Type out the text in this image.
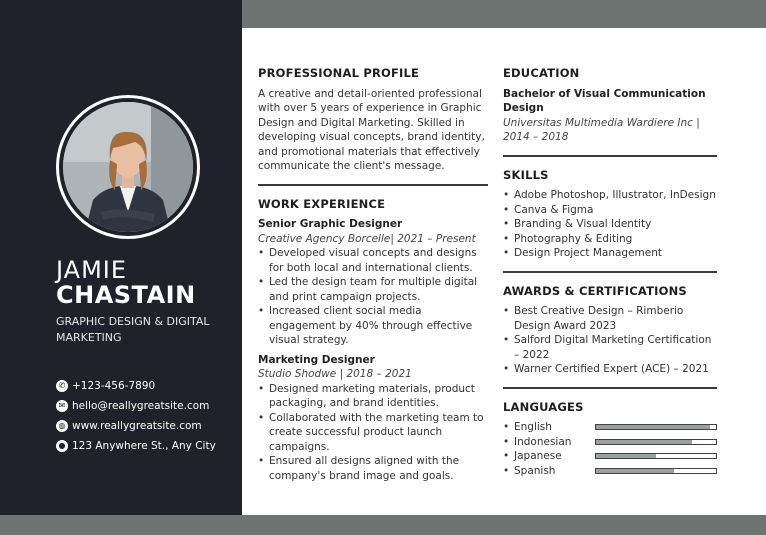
JAMIE
CHASTAIN
GRAPHIC DESIGN & DIGITAL MARKETING
✆ +123-456-7890
✉ hello@reallygreatsite.com
◍ www.reallygreatsite.com
● 123 Anywhere St., Any City
PROFESSIONAL PROFILE

A creative and detail-oriented professional with over 5 years of experience in Graphic Design and Digital Marketing. Skilled in developing visual concepts, brand identity, and promotional materials that effectively communicate the client's message.

WORK EXPERIENCE
Senior Graphic Designer
Creative Agency Borcelle| 2021 – Present
• Developed visual concepts and designs for both local and international clients.
• Led the design team for multiple digital and print campaign projects.
• Increased client social media engagement by 40% through effective visual strategy.
Marketing Designer
Studio Shodwe | 2018 – 2021
• Designed marketing materials, product packaging, and brand identities.
• Collaborated with the marketing team to create successful product launch campaigns.
• Ensured all designs aligned with the company's brand image and goals.
EDUCATION
Bachelor of Visual Communication Design
Universitas Multimedia Wardiere Inc | 2014 – 2018
SKILLS
• Adobe Photoshop, Illustrator, InDesign
• Canva & Figma
• Branding & Visual Identity
• Photography & Editing
• Design Project Management
AWARDS & CERTIFICATIONS
• Best Creative Design – Rimberio Design Award 2023
• Salford Digital Marketing Certification – 2022
• Warner Certified Expert (ACE) – 2021
LANGUAGES
• English
• Indonesian
• Japanese
• Spanish
